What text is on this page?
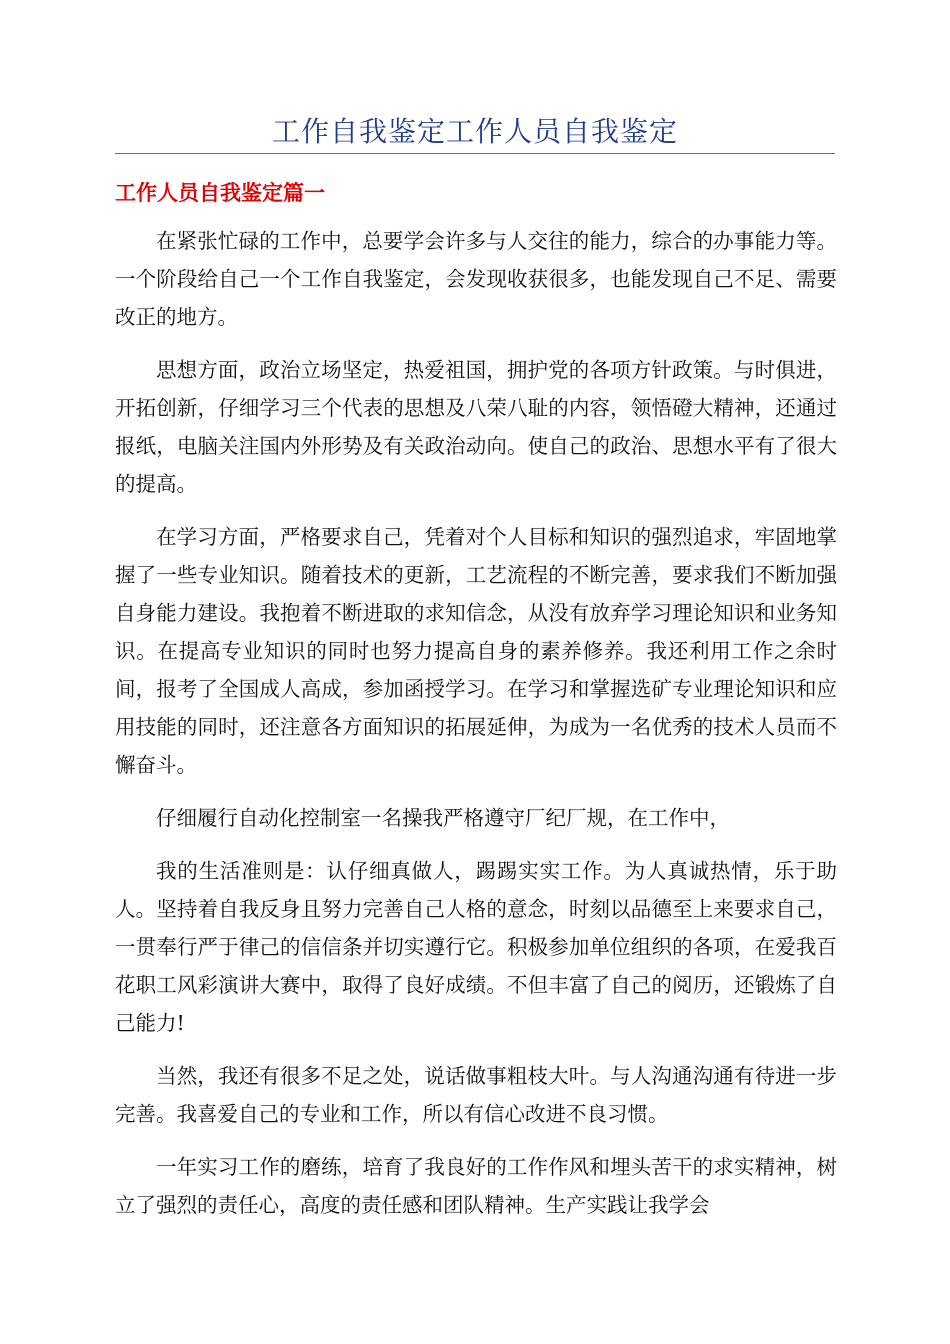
工作自我鉴定工作人员自我鉴定
工作人员自我鉴定篇一

在紧张忙碌的工作中，总要学会许多与人交往的能力，综合的办事能力等。一个阶段给自己一个工作自我鉴定，会发现收获很多，也能发现自己不足、需要改正的地方。

思想方面，政治立场坚定，热爱祖国，拥护党的各项方针政策。与时俱进，开拓创新，仔细学习三个代表的思想及八荣八耻的内容，领悟磴大精神，还通过报纸，电脑关注国内外形势及有关政治动向。使自己的政治、思想水平有了很大的提高。

在学习方面，严格要求自己，凭着对个人目标和知识的强烈追求，牢固地掌握了一些专业知识。随着技术的更新，工艺流程的不断完善，要求我们不断加强自身能力建设。我抱着不断进取的求知信念，从没有放弃学习理论知识和业务知识。在提高专业知识的同时也努力提高自身的素养修养。我还利用工作之余时间，报考了全国成人高成，参加函授学习。在学习和掌握选矿专业理论知识和应用技能的同时，还注意各方面知识的拓展延伸，为成为一名优秀的技术人员而不懈奋斗。

仔细履行自动化控制室一名操我严格遵守厂纪厂规，在工作中，

我的生活准则是：认仔细真做人，踢踢实实工作。为人真诚热情，乐于助人。坚持着自我反身且努力完善自己人格的意念，时刻以品德至上来要求自己，一贯奉行严于律己的信信条并切实遵行它。积极参加单位组织的各项，在爱我百花职工风彩演讲大赛中，取得了良好成绩。不但丰富了自己的阅历，还锻炼了自己能力!

当然，我还有很多不足之处，说话做事粗枝大叶。与人沟通沟通有待进一步完善。我喜爱自己的专业和工作，所以有信心改进不良习惯。

一年实习工作的磨练，培育了我良好的工作作风和埋头苦干的求实精神，树立了强烈的责任心，高度的责任感和团队精神。生产实践让我学会
